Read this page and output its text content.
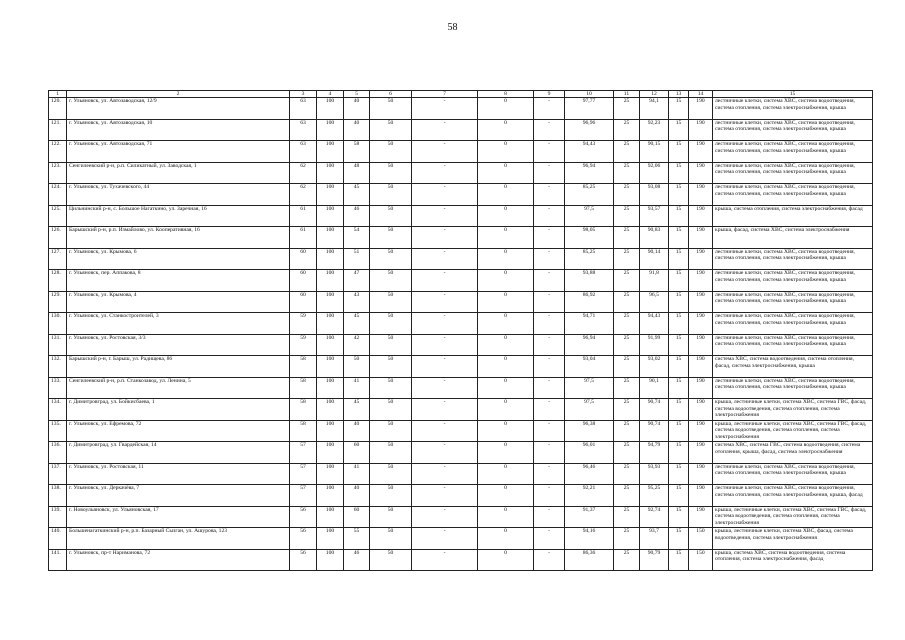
58
1	2	3	4	5	6	7	8	9	10	11	12	13	14	15
120.	г. Ульяновск, ул. Автозаводская, 12/9	63	100	40	50	-	0	-	97,77	25	94,1	15	190	лестничные клетки, система ХВС, система водоотведения, система отопления, система электроснабжения, крыша
121.	г. Ульяновск, ул. Автозаводская, 10	63	100	40	50	-	0	-	96,96	25	92,23	15	190	лестничные клетки, система ХВС, система водоотведения, система отопления, система электроснабжения, крыша
122.	г. Ульяновск, ул. Автозаводская, 71	63	100	58	50	-	0	-	94,43	25	90,15	15	190	лестничные клетки, система ХВС, система водоотведения, система отопления, система электроснабжения, крыша
123.	Сенгилеевский р-н, р.п. Силикатный, ул. Заводская, 1	62	100	48	50	-	0	-	96,94	25	92,06	15	190	лестничные клетки, система ХВС, система водоотведения, система отопления, система электроснабжения, крыша
124.	г. Ульяновск, ул. Тухачевского, 44	62	100	45	50	-	0	-	85,25	25	93,08	15	190	лестничные клетки, система ХВС, система водоотведения, система отопления, система электроснабжения, крыша
125.	Цильнинский р-н, с. Большое Нагаткино, ул. Заречная, 16	61	100	46	50	-	0	-	97,5	25	93,57	15	190	крыша, система отопления, система электроснабжения, фасад
126.	Барышский р-н, р.п. Измайлово, ул. Кооперативная, 16	61	100	54	50	-	0	-	98,05	25	90,83	15	190	крыша, фасад, система ХВС, система электроснабжения
127.	г. Ульяновск, ул. Крымова, 6	60	100	51	50	-	0	-	85,25	25	90,14	15	190	лестничные клетки, система ХВС, система водоотведения, система отопления, система электроснабжения, крыша
128.	г. Ульяновск, пер. Аппакова, 8	60	100	47	50	-	0	-	93,88	25	91,8	15	190	лестничные клетки, система ХВС, система водоотведения, система отопления, система электроснабжения, крыша
129.	г. Ульяновск, ул. Крымова, 4	60	100	43	50	-	0	-	86,92	25	96,5	15	190	лестничные клетки, система ХВС, система водоотведения, система отопления, система электроснабжения, крыша
130.	г. Ульяновск, ул. Станкостроителей, 3	59	100	45	50	-	0	-	94,71	25	94,43	15	190	лестничные клетки, система ХВС, система водоотведения, система отопления, система электроснабжения, крыша
131.	г. Ульяновск, ул. Ростовская, 3/3	59	100	42	50	-	0	-	96,94	25	91,99	15	190	лестничные клетки, система ХВС, система водоотведения, система отопления, система электроснабжения, крыша
132.	Барышский р-н, г. Барыш, ул. Радищева, 86	58	100	50	50	-	0	-	93,04	25	93,02	15	190	система ХВС, система водоотведения, система отопления, фасад, система электроснабжения, крыша
133.	Сенгилеевский р-н, р.п. Станкозавод, ул. Ленина, 5	58	100	41	50	-	0	-	97,5	25	90,1	15	190	лестничные клетки, система ХВС, система водоотведения, система отопления, система электроснабжения, крыша
134.	г. Димитровград, ул. Бойкисбаева, 1	58	100	45	50	-	0	-	97,5	25	90,74	15	190	крыша, лестничные клетки, система ХВС, система ГВС, фасад, система водоотведения, система отопления, система электроснабжения
135.	г. Ульяновск, ул. Ефремова, 72	58	100	40	50	-	0	-	96,38	25	90,74	15	190	крыша, лестничные клетки, система ХВС, система ГВС, фасад, система водоотведения, система отопления, система электроснабжения
136.	г. Димитровград, ул. Гвардейская, 14	57	100	60	50	-	0	-	96,01	25	94,79	15	190	система ХВС, система ГВС, система водоотведения, система отопления, крыша, фасад, система электроснабжения
137.	г. Ульяновск, ул. Ростовская, 11	57	100	41	50	-	0	-	96,46	25	93,93	15	190	лестничные клетки, система ХВС, система водоотведения, система отопления, система электроснабжения, крыша
138.	г. Ульяновск, ул. Деркачёва, 7	57	100	40	50	-	0	-	92,21	25	95,25	15	190	лестничные клетки, система ХВС, система водоотведения, система отопления, система электроснабжения, крыша, фасад
139.	г. Новоульяновск, ул. Ульяновская, 17	56	100	60	50	-	0	-	91,37	25	92,74	15	190	крыша, лестничные клетки, система ХВС, система ГВС, фасад, система водоотведения, система отопления, система электроснабжения
140.	Большенагаткинский р-н, р.п. Базарный Сызган, ул. Ашурова, 123	56	100	55	50	-	0	-	94,16	25	93,7	15	150	крыша, лестничные клетки, система ХВС, фасад, система водоотведения, система электроснабжения
141.	г. Ульяновск, пр-т Нариманова, 72	56	100	46	50	-	0	-	86,36	25	90,79	15	150	крыша, система ХВС, система водоотведения, система отопления, система электроснабжения, фасад
